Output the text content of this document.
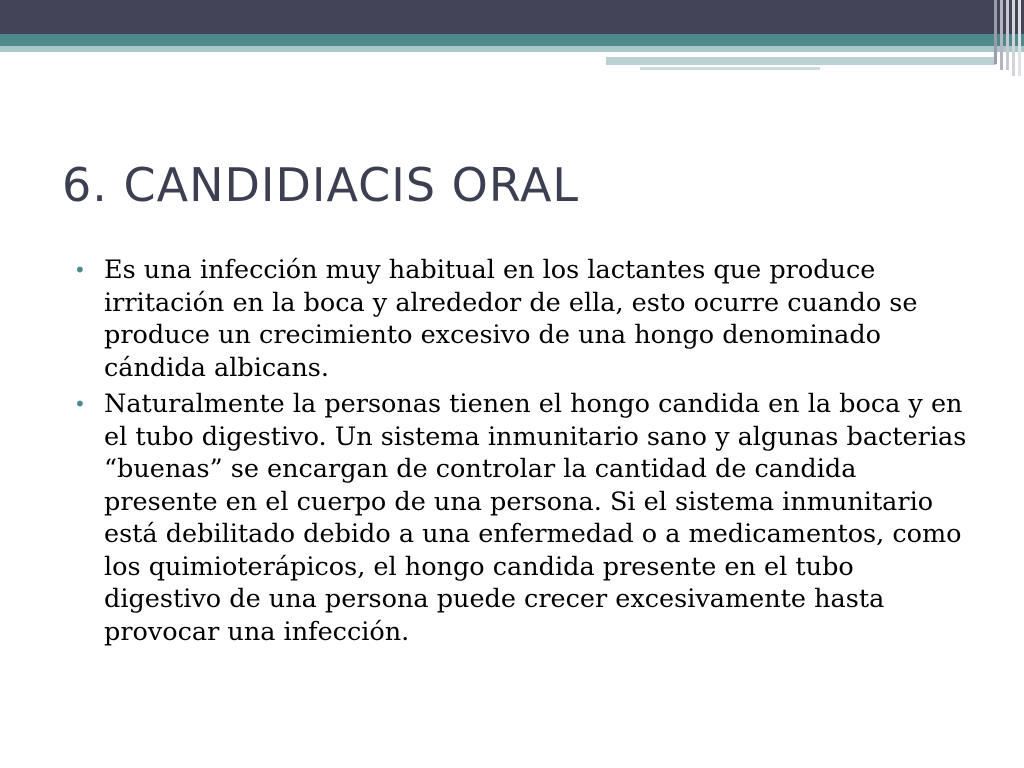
6. CANDIDIACIS ORAL
• Es una infección muy habitual en los lactantes que produce irritación en la boca y alrededor de ella, esto ocurre cuando se produce un crecimiento excesivo de una hongo denominado cándida albicans.
• Naturalmente la personas tienen el hongo candida en la boca y en el tubo digestivo. Un sistema inmunitario sano y algunas bacterias “buenas” se encargan de controlar la cantidad de candida presente en el cuerpo de una persona. Si el sistema inmunitario está debilitado debido a una enfermedad o a medicamentos, como los quimioterápicos, el hongo candida presente en el tubo digestivo de una persona puede crecer excesivamente hasta provocar una infección.
